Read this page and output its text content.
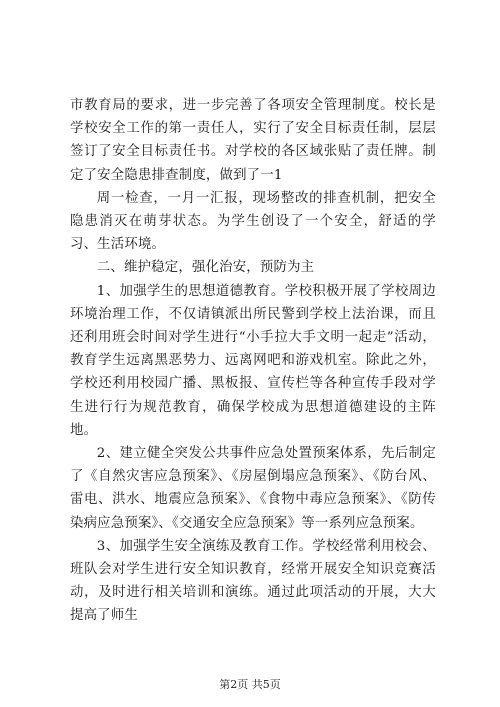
市教育局的要求，进一步完善了各项安全管理制度。校长是学校安全工作的第一责任人，实行了安全目标责任制，层层签订了安全目标责任书。对学校的各区域张贴了责任牌。制定了安全隐患排查制度，做到了一1

周一检查，一月一汇报，现场整改的排查机制，把安全隐患消灭在萌芽状态。为学生创设了一个安全，舒适的学习、生活环境。

二、维护稳定，强化治安，预防为主

1、加强学生的思想道德教育。学校积极开展了学校周边环境治理工作，不仅请镇派出所民警到学校上法治课，而且还利用班会时间对学生进行“小手拉大手文明一起走”活动，教育学生远离黑恶势力、远离网吧和游戏机室。除此之外，学校还利用校园广播、黑板报、宣传栏等各种宣传手段对学生进行行为规范教育，确保学校成为思想道德建设的主阵地。

2、建立健全突发公共事件应急处置预案体系，先后制定了《自然灾害应急预案》、《房屋倒塌应急预案》、《防台风、雷电、洪水、地震应急预案》、《食物中毒应急预案》、《防传染病应急预案》、《交通安全应急预案》等一系列应急预案。

3、加强学生安全演练及教育工作。学校经常利用校会、班队会对学生进行安全知识教育，经常开展安全知识竞赛活动，及时进行相关培训和演练。通过此项活动的开展，大大提高了师生

第2页 共5页
